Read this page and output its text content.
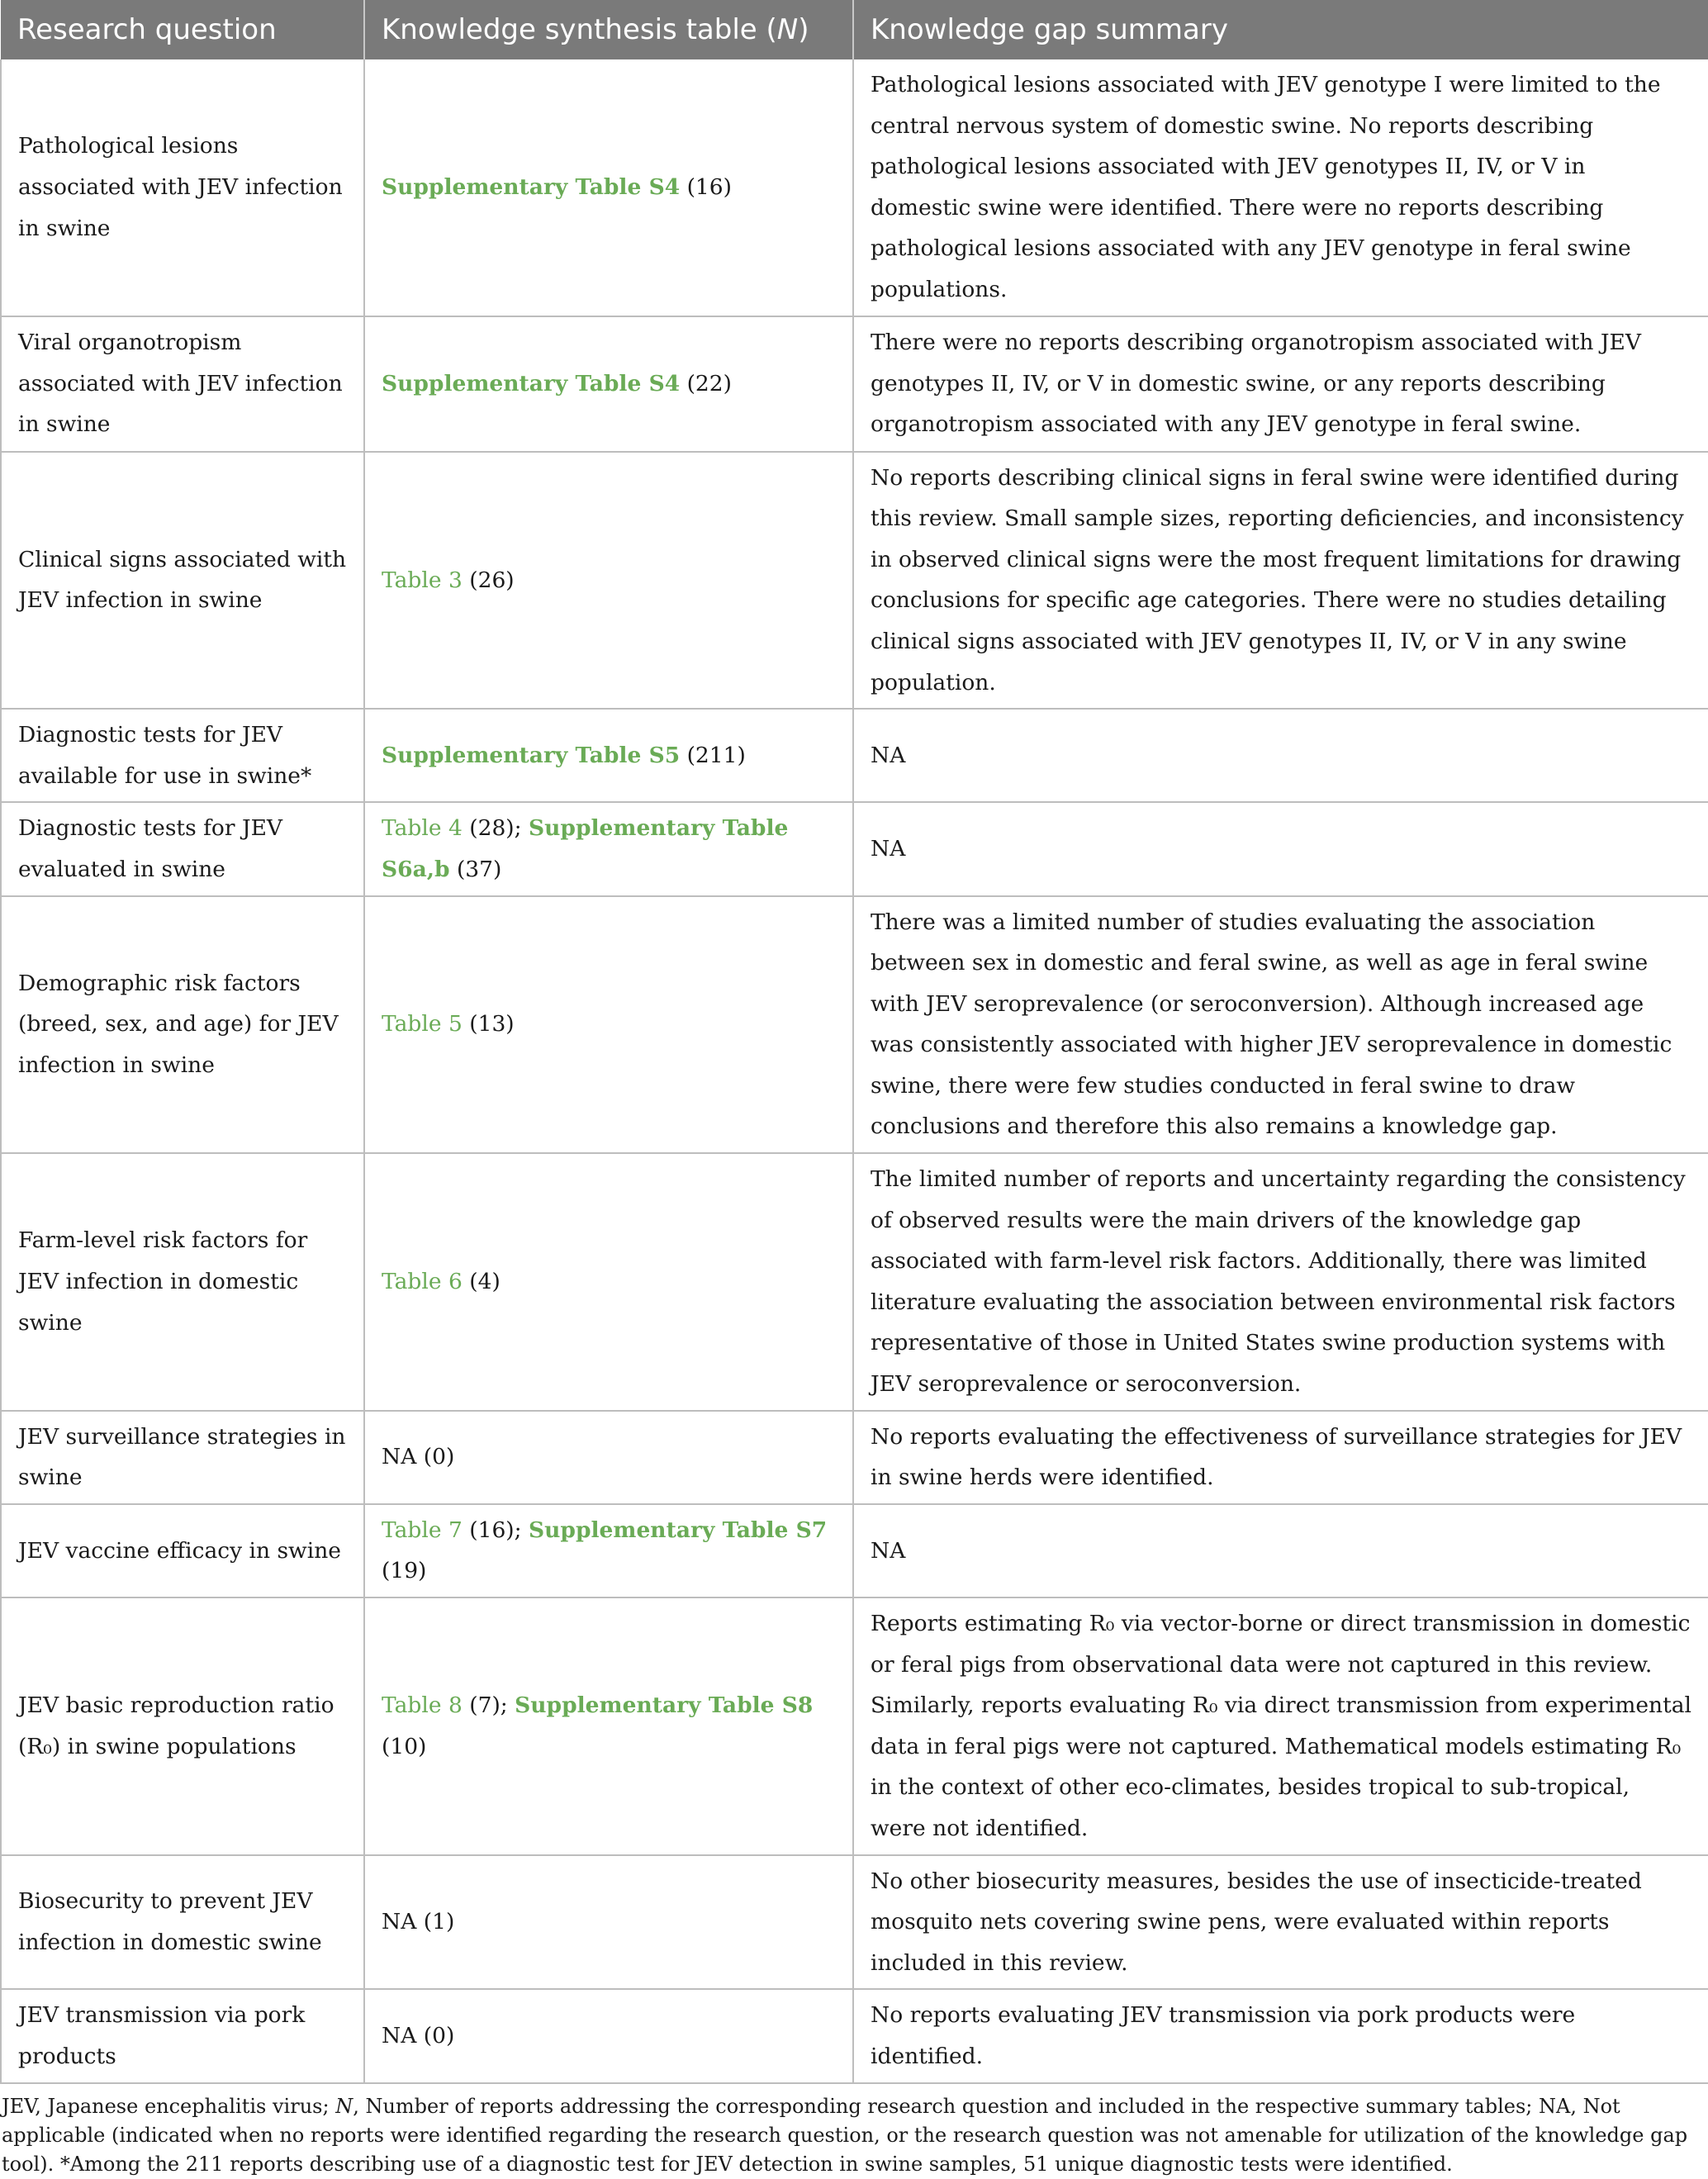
Research question	Knowledge synthesis table (N)	Knowledge gap summary
Pathological lesions associated with JEV infection in swine	Supplementary Table S4 (16)	Pathological lesions associated with JEV genotype I were limited to the central nervous system of domestic swine. No reports describing pathological lesions associated with JEV genotypes II, IV, or V in domestic swine were identified. There were no reports describing pathological lesions associated with any JEV genotype in feral swine populations.
Viral organotropism associated with JEV infection in swine	Supplementary Table S4 (22)	There were no reports describing organotropism associated with JEV genotypes II, IV, or V in domestic swine, or any reports describing organotropism associated with any JEV genotype in feral swine.
Clinical signs associated with JEV infection in swine	Table 3 (26)	No reports describing clinical signs in feral swine were identified during this review. Small sample sizes, reporting deficiencies, and inconsistency in observed clinical signs were the most frequent limitations for drawing conclusions for specific age categories. There were no studies detailing clinical signs associated with JEV genotypes II, IV, or V in any swine population.
Diagnostic tests for JEV available for use in swine*	Supplementary Table S5 (211)	NA
Diagnostic tests for JEV evaluated in swine	Table 4 (28); Supplementary Table S6a,b (37)	NA
Demographic risk factors (breed, sex, and age) for JEV infection in swine	Table 5 (13)	There was a limited number of studies evaluating the association between sex in domestic and feral swine, as well as age in feral swine with JEV seroprevalence (or seroconversion). Although increased age was consistently associated with higher JEV seroprevalence in domestic swine, there were few studies conducted in feral swine to draw conclusions and therefore this also remains a knowledge gap.
Farm-level risk factors for JEV infection in domestic swine	Table 6 (4)	The limited number of reports and uncertainty regarding the consistency of observed results were the main drivers of the knowledge gap associated with farm-level risk factors. Additionally, there was limited literature evaluating the association between environmental risk factors representative of those in United States swine production systems with JEV seroprevalence or seroconversion.
JEV surveillance strategies in swine	NA (0)	No reports evaluating the effectiveness of surveillance strategies for JEV in swine herds were identified.
JEV vaccine efficacy in swine	Table 7 (16); Supplementary Table S7 (19)	NA
JEV basic reproduction ratio (R₀) in swine populations	Table 8 (7); Supplementary Table S8 (10)	Reports estimating R₀ via vector-borne or direct transmission in domestic or feral pigs from observational data were not captured in this review. Similarly, reports evaluating R₀ via direct transmission from experimental data in feral pigs were not captured. Mathematical models estimating R₀ in the context of other eco-climates, besides tropical to sub-tropical, were not identified.
Biosecurity to prevent JEV infection in domestic swine	NA (1)	No other biosecurity measures, besides the use of insecticide-treated mosquito nets covering swine pens, were evaluated within reports included in this review.
JEV transmission via pork products	NA (0)	No reports evaluating JEV transmission via pork products were identified.

JEV, Japanese encephalitis virus; N, Number of reports addressing the corresponding research question and included in the respective summary tables; NA, Not applicable (indicated when no reports were identified regarding the research question, or the research question was not amenable for utilization of the knowledge gap tool). *Among the 211 reports describing use of a diagnostic test for JEV detection in swine samples, 51 unique diagnostic tests were identified.
